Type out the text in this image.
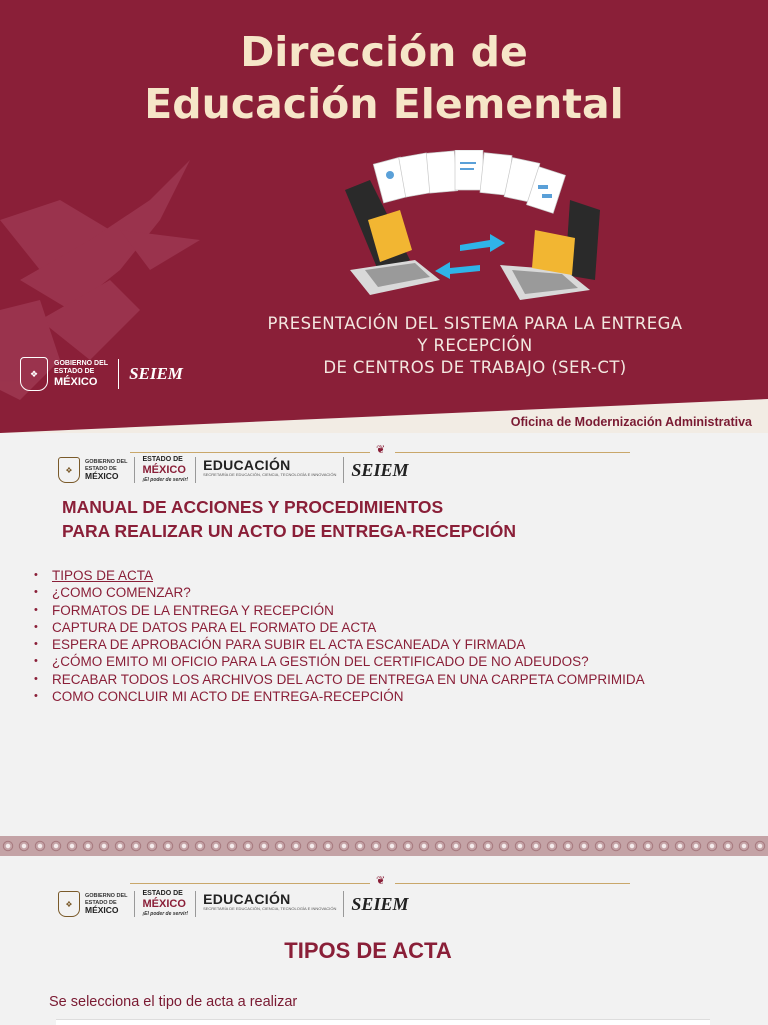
Dirección de
Educación Elemental
PRESENTACIÓN DEL SISTEMA PARA LA ENTREGA
Y RECEPCIÓN
DE CENTROS DE TRABAJO (SER-CT)
❖
GOBIERNO DEL
ESTADO DE
MÉXICO	SEIEM
Oficina de Modernización Administrativa
❦
❖
GOBIERNO DEL
ESTADO DE
MÉXICO
ESTADO DE
MÉXICO
¡El poder de servir!
EDUCACIÓN
SECRETARÍA DE EDUCACIÓN, CIENCIA, TECNOLOGÍA E INNOVACIÓN SEIEM
MANUAL DE ACCIONES Y PROCEDIMIENTOS
PARA REALIZAR UN ACTO DE ENTREGA-RECEPCIÓN
• TIPOS DE ACTA
• ¿COMO COMENZAR?
• FORMATOS DE LA ENTREGA Y RECEPCIÓN
• CAPTURA DE DATOS PARA EL FORMATO DE ACTA
• ESPERA DE APROBACIÓN PARA SUBIR EL ACTA ESCANEADA Y FIRMADA
• ¿CÓMO EMITO MI OFICIO PARA LA GESTIÓN DEL CERTIFICADO DE NO ADEUDOS?
• RECABAR TODOS LOS ARCHIVOS DEL ACTO DE ENTREGA EN UNA CARPETA COMPRIMIDA
• COMO CONCLUIR MI ACTO DE ENTREGA-RECEPCIÓN
❦
❖
GOBIERNO DEL
ESTADO DE
MÉXICO
ESTADO DE
MÉXICO
¡El poder de servir!
EDUCACIÓN
SECRETARÍA DE EDUCACIÓN, CIENCIA, TECNOLOGÍA E INNOVACIÓN SEIEM
TIPOS DE ACTA
Se selecciona el tipo de acta a realizar
